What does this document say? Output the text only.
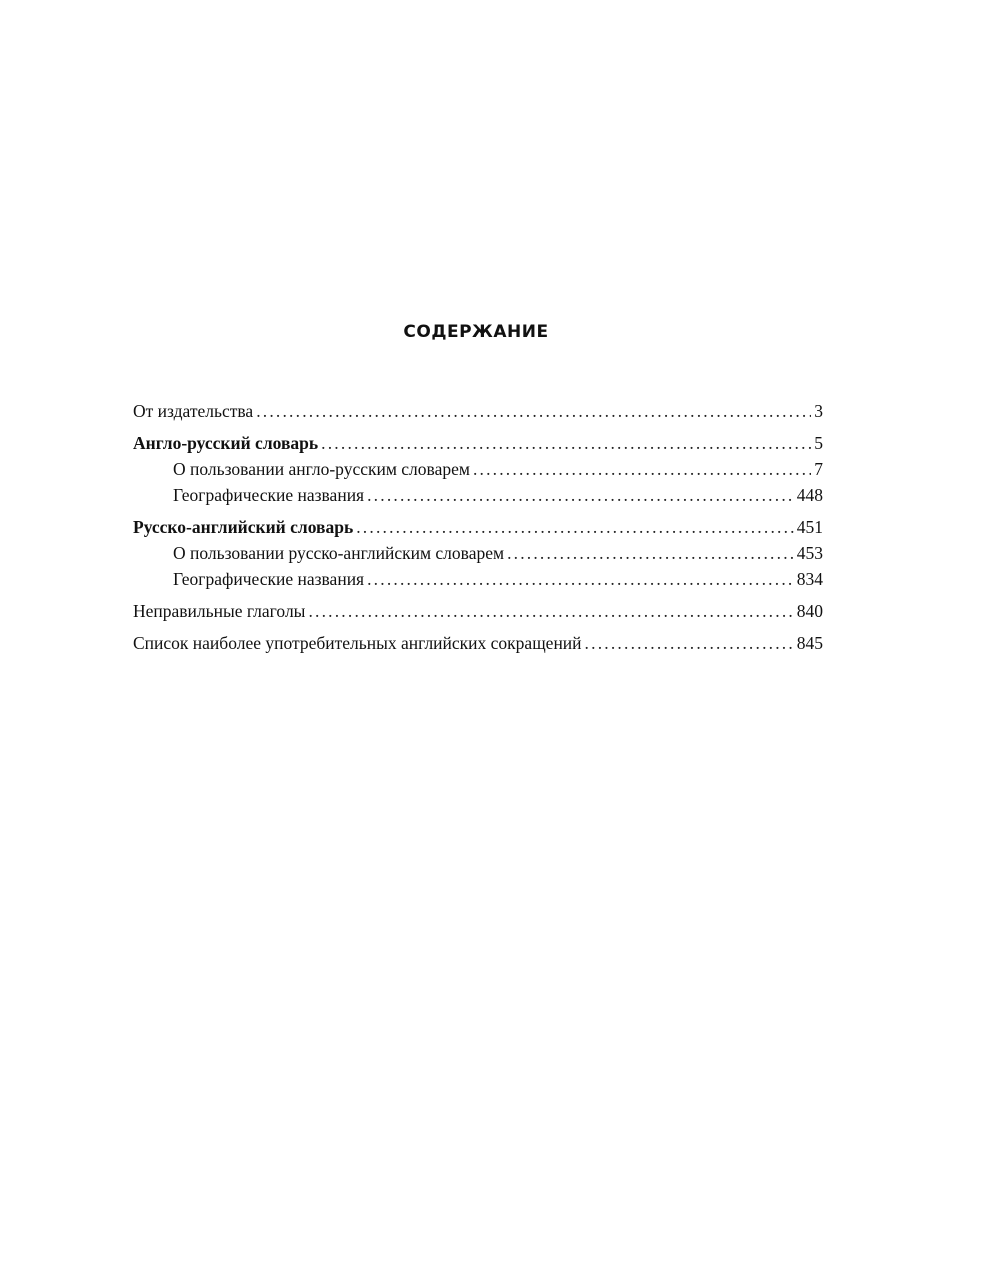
СОДЕРЖАНИЕ
От издательства .....	3
Англо-русский словарь .....	5
О пользовании англо-русским словарем .....	7
Географические названия .....	448
Русско-английский словарь .....	451
О пользовании русско-английским словарем .....	453
Географические названия .....	834
Неправильные глаголы .....	840
Список наиболее употребительных английских сокращений .....	845
